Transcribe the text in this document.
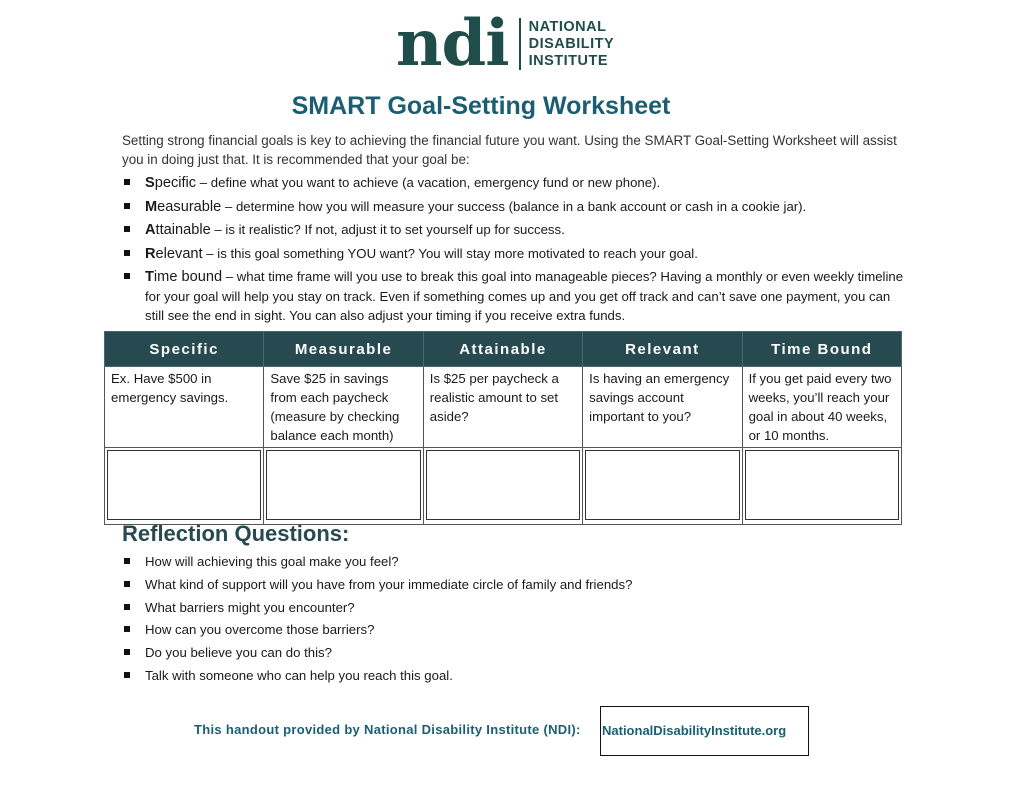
ndi NATIONAL
DISABILITY
INSTITUTE
SMART Goal-Setting Worksheet
Setting strong financial goals is key to achieving the financial future you want. Using the SMART Goal-Setting Worksheet will assist you in doing just that. It is recommended that your goal be:
Specific – define what you want to achieve (a vacation, emergency fund or new phone).
Measurable – determine how you will measure your success (balance in a bank account or cash in a cookie jar).
Attainable – is it realistic? If not, adjust it to set yourself up for success.
Relevant – is this goal something YOU want? You will stay more motivated to reach your goal.
Time bound – what time frame will you use to break this goal into manageable pieces? Having a monthly or even weekly timeline for your goal will help you stay on track. Even if something comes up and you get off track and can’t save one payment, you can still see the end in sight. You can also adjust your timing if you receive extra funds.
Specific	Measurable	Attainable	Relevant	Time Bound
Ex. Have $500 in emergency savings.	Save $25 in savings from each paycheck (measure by checking balance each month)	Is $25 per paycheck a realistic amount to set aside?	Is having an emergency savings account important to you?	If you get paid every two weeks, you’ll reach your goal in about 40 weeks, or 10 months.

Reflection Questions:
How will achieving this goal make you feel?
What kind of support will you have from your immediate circle of family and friends?
What barriers might you encounter?
How can you overcome those barriers?
Do you believe you can do this?
Talk with someone who can help you reach this goal.
This handout provided by National Disability Institute (NDI): NationalDisabilityInstitute.org
